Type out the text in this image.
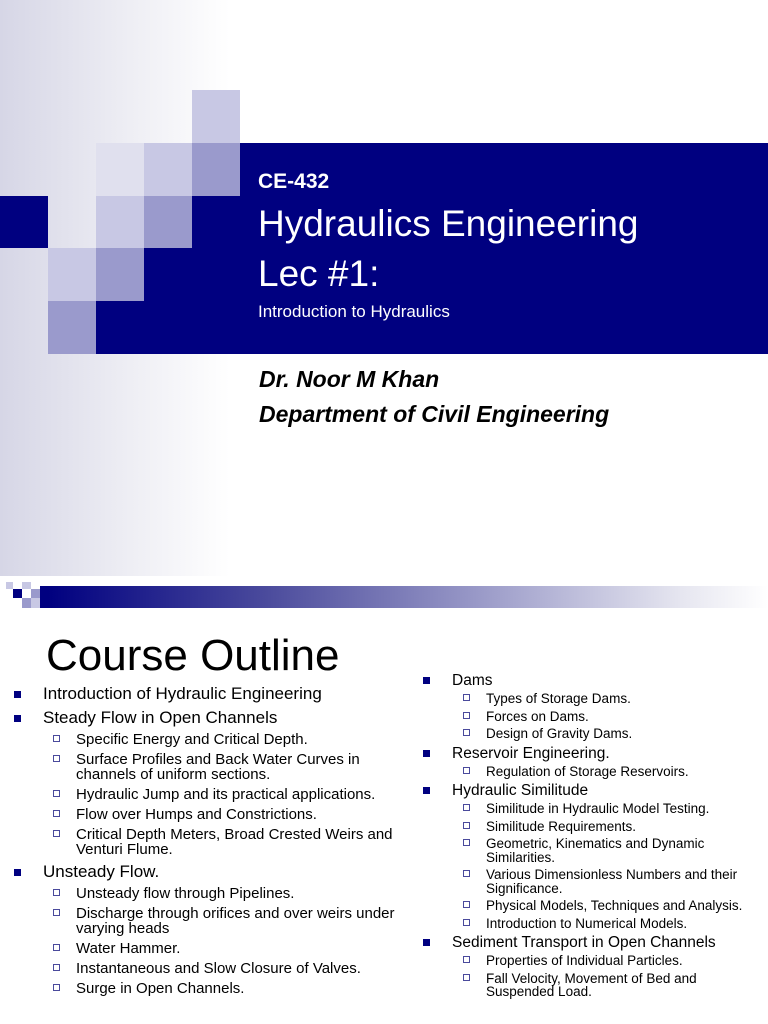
CE-432
Hydraulics Engineering
Lec #1:
Introduction to Hydraulics
Dr. Noor M Khan
Department of Civil Engineering
Course Outline
Introduction of Hydraulic Engineering
Steady Flow in Open Channels
Specific Energy and Critical Depth.
Surface Profiles and Back Water Curves in channels of uniform sections.
Hydraulic Jump and its practical applications.
Flow over Humps and Constrictions.
Critical Depth Meters, Broad Crested Weirs and Venturi Flume.
Unsteady Flow.
Unsteady flow through Pipelines.
Discharge through orifices and over weirs under varying heads
Water Hammer.
Instantaneous and Slow Closure of Valves.
Surge in Open Channels.
Dams
Types of Storage Dams.
Forces on Dams.
Design of Gravity Dams.
Reservoir Engineering.
Regulation of Storage Reservoirs.
Hydraulic Similitude
Similitude in Hydraulic Model Testing.
Similitude Requirements.
Geometric, Kinematics and Dynamic Similarities.
Various Dimensionless Numbers and their Significance.
Physical Models, Techniques and Analysis.
Introduction to Numerical Models.
Sediment Transport in Open Channels
Properties of Individual Particles.
Fall Velocity, Movement of Bed and Suspended Load.
